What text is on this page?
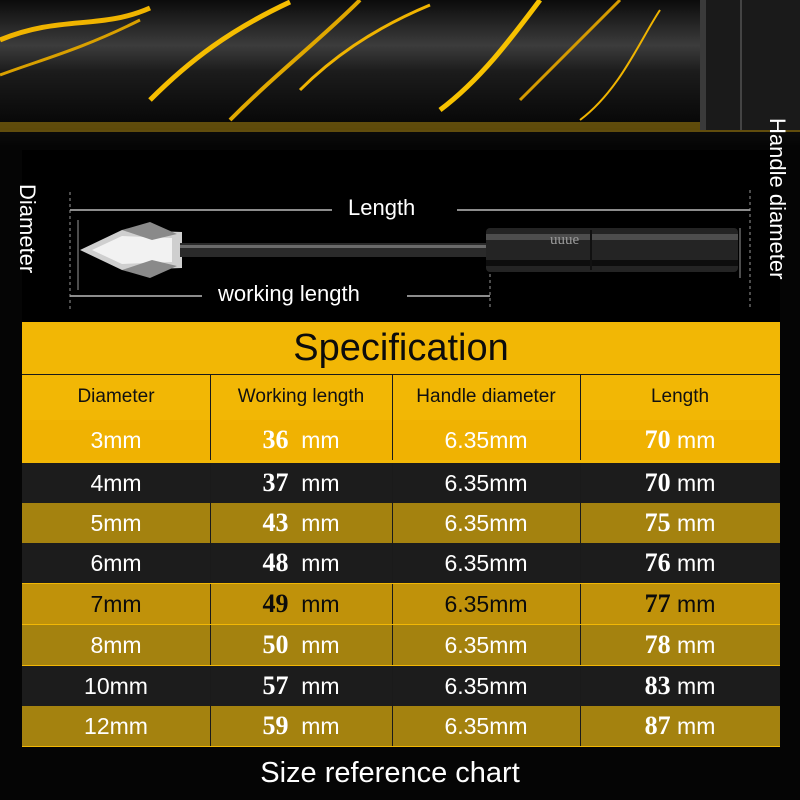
Length
working length
Diameter	Handle diameter
uuue
Specification
Diameter	Working length	Handle diameter	Length
3mm	36  mm	6.35mm	70 mm
4mm	37  mm	6.35mm	70 mm
5mm	43  mm	6.35mm	75 mm
6mm	48  mm	6.35mm	76 mm
7mm	49  mm	6.35mm	77 mm
8mm	50  mm	6.35mm	78 mm
10mm	57  mm	6.35mm	83 mm
12mm	59  mm	6.35mm	87 mm
Size reference chart
